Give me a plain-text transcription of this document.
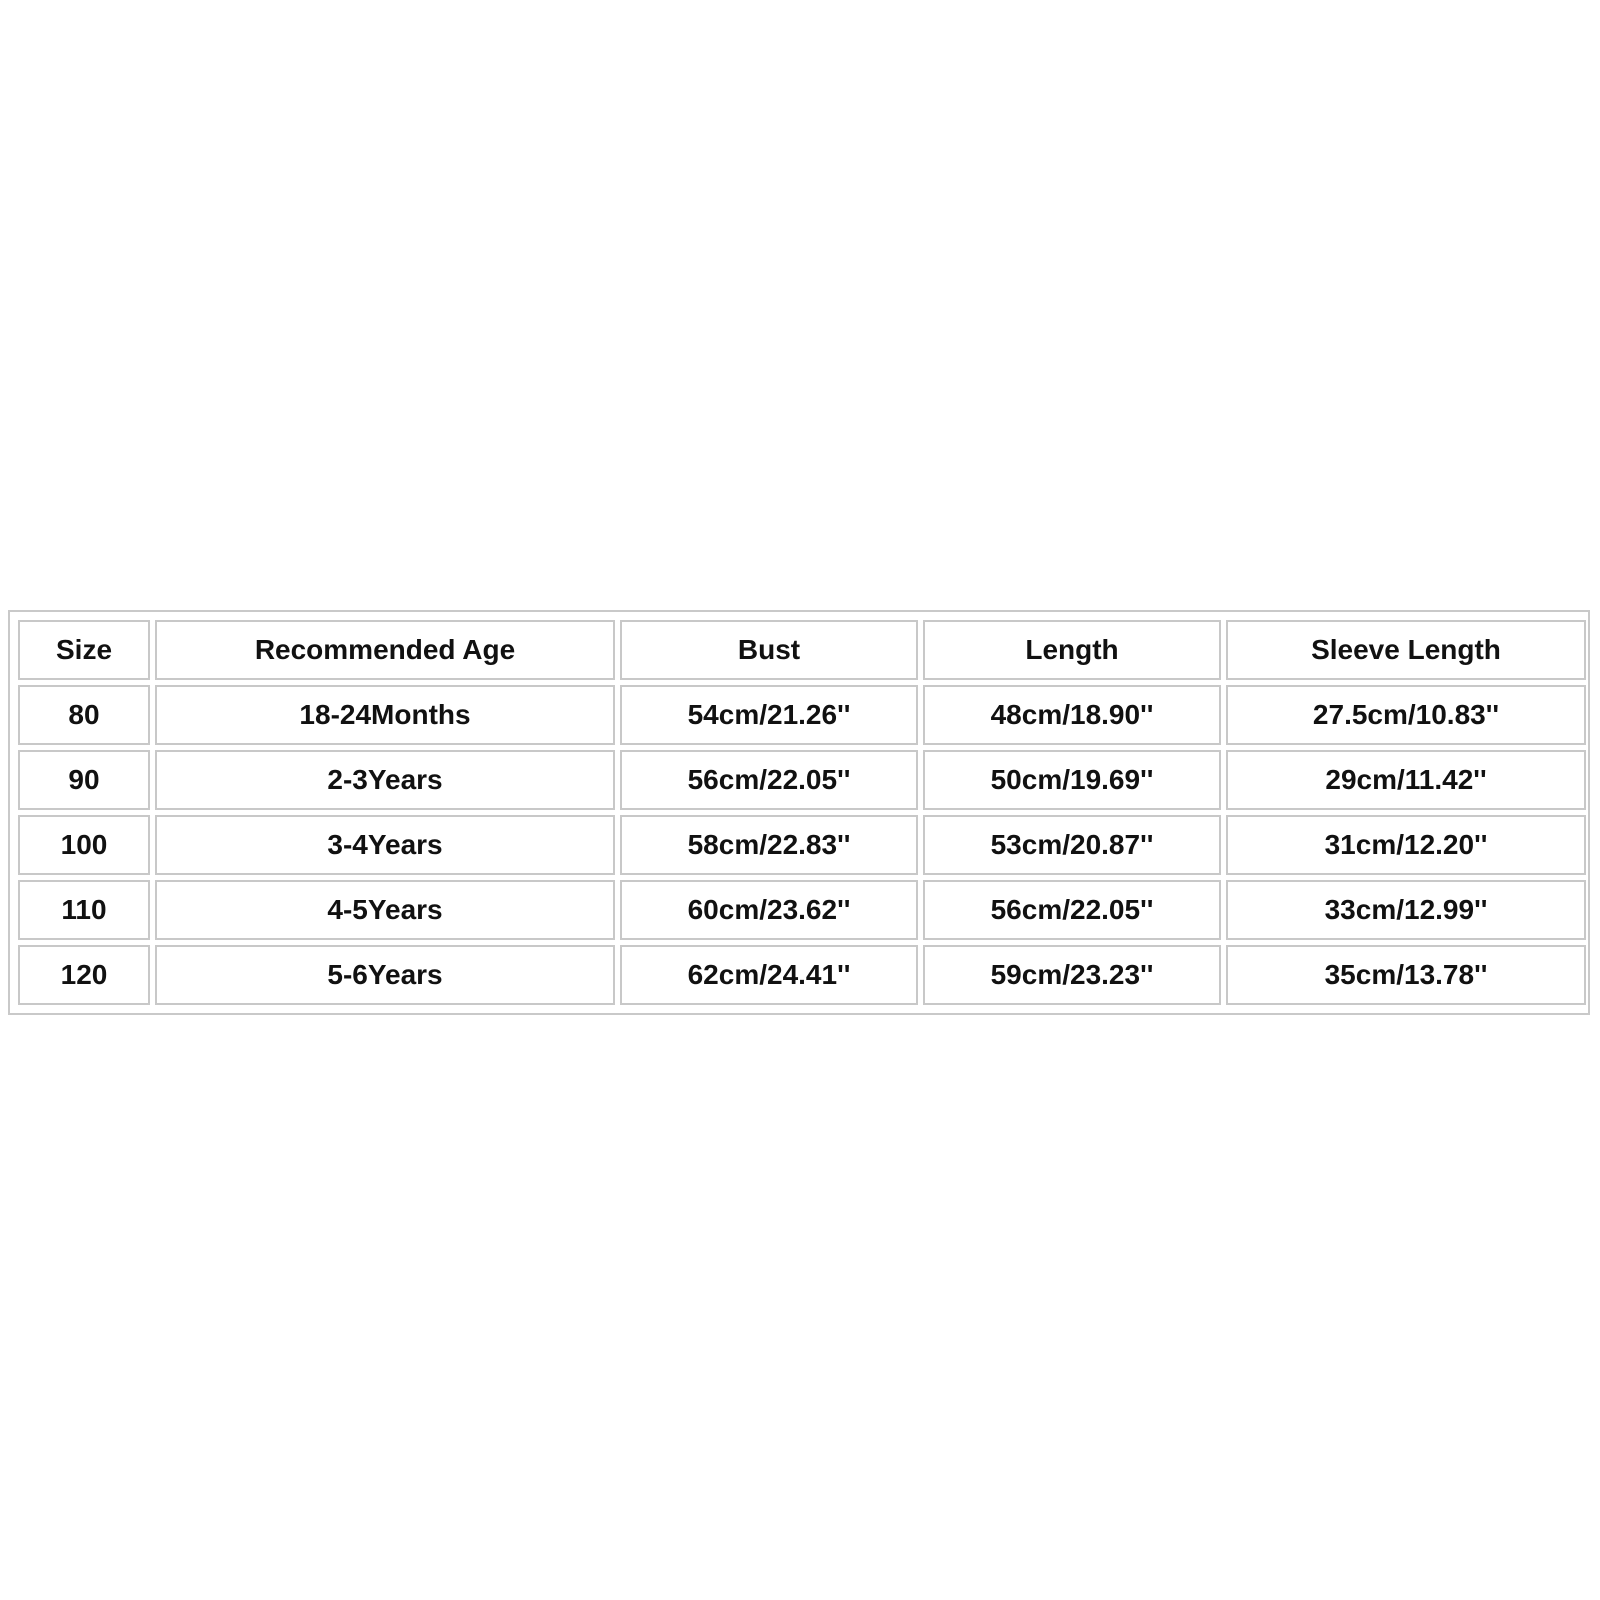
Size	Recommended Age	Bust	Length	Sleeve Length
80	18-24Months	54cm/21.26''	48cm/18.90''	27.5cm/10.83''
90	2-3Years	56cm/22.05''	50cm/19.69''	29cm/11.42''
100	3-4Years	58cm/22.83''	53cm/20.87''	31cm/12.20''
110	4-5Years	60cm/23.62''	56cm/22.05''	33cm/12.99''
120	5-6Years	62cm/24.41''	59cm/23.23''	35cm/13.78''
